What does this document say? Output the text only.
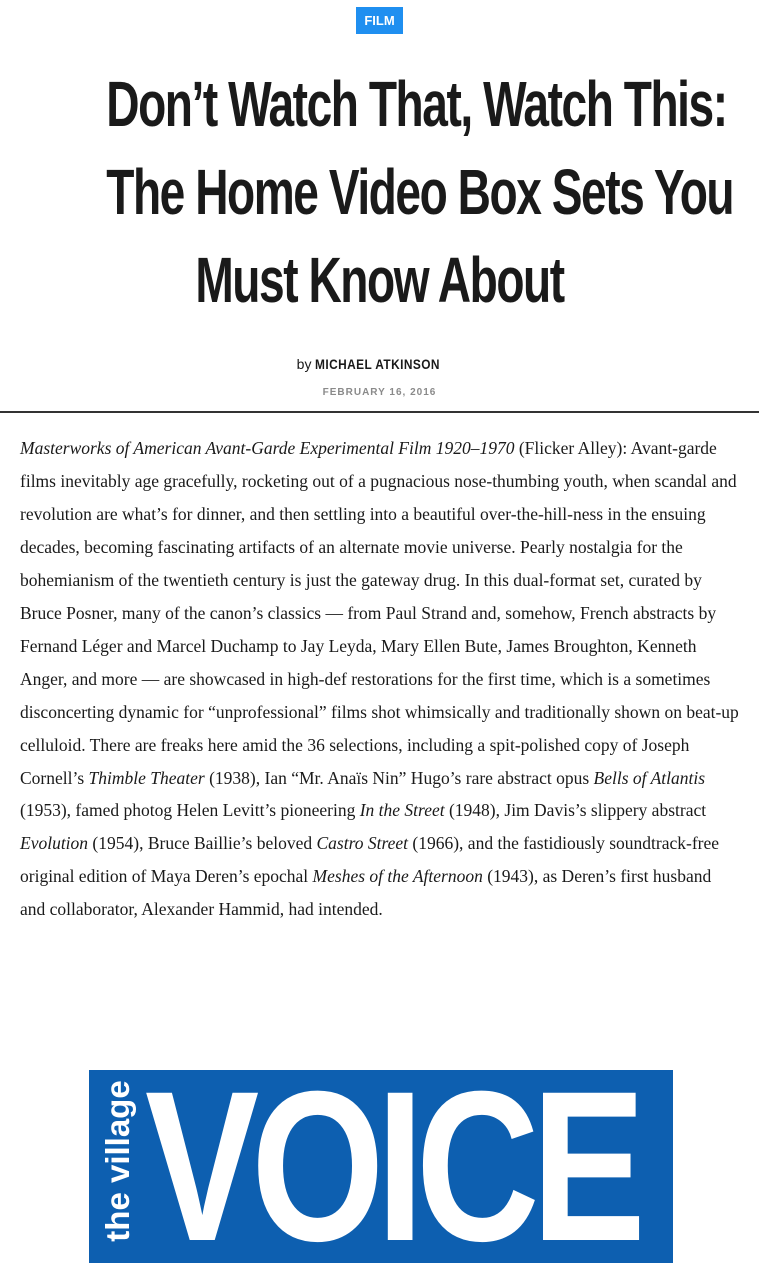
FILM
Don’t Watch That, Watch This:
The Home Video Box Sets You
Must Know About
by MICHAEL ATKINSON
FEBRUARY 16, 2016

Masterworks of American Avant-Garde Experimental Film 1920–1970 (Flicker Alley): Avant-garde films inevitably age gracefully, rocketing out of a pugnacious nose-thumbing youth, when scandal and revolution are what’s for dinner, and then settling into a beautiful over-the-hill-ness in the ensuing decades, becoming fascinating artifacts of an alternate movie universe. Pearly nostalgia for the bohemianism of the twentieth century is just the gateway drug. In this dual-format set, curated by Bruce Posner, many of the canon’s classics — from Paul Strand and, somehow, French abstracts by Fernand Léger and Marcel Duchamp to Jay Leyda, Mary Ellen Bute, James Broughton, Kenneth Anger, and more — are showcased in high-def restorations for the first time, which is a sometimes disconcerting dynamic for “unprofessional” films shot whimsically and traditionally shown on beat-up celluloid. There are freaks here amid the 36 selections, including a spit-polished copy of Joseph Cornell’s Thimble Theater (1938), Ian “Mr. Anaïs Nin” Hugo’s rare abstract opus Bells of Atlantis (1953), famed photog Helen Levitt’s pioneering In the Street (1948), Jim Davis’s slippery abstract Evolution (1954), Bruce Baillie’s beloved Castro Street (1966), and the fastidiously soundtrack-free original edition of Maya Deren’s epochal Meshes of the Afternoon (1943), as Deren’s first husband and collaborator, Alexander Hammid, had intended.

the village VOICE
